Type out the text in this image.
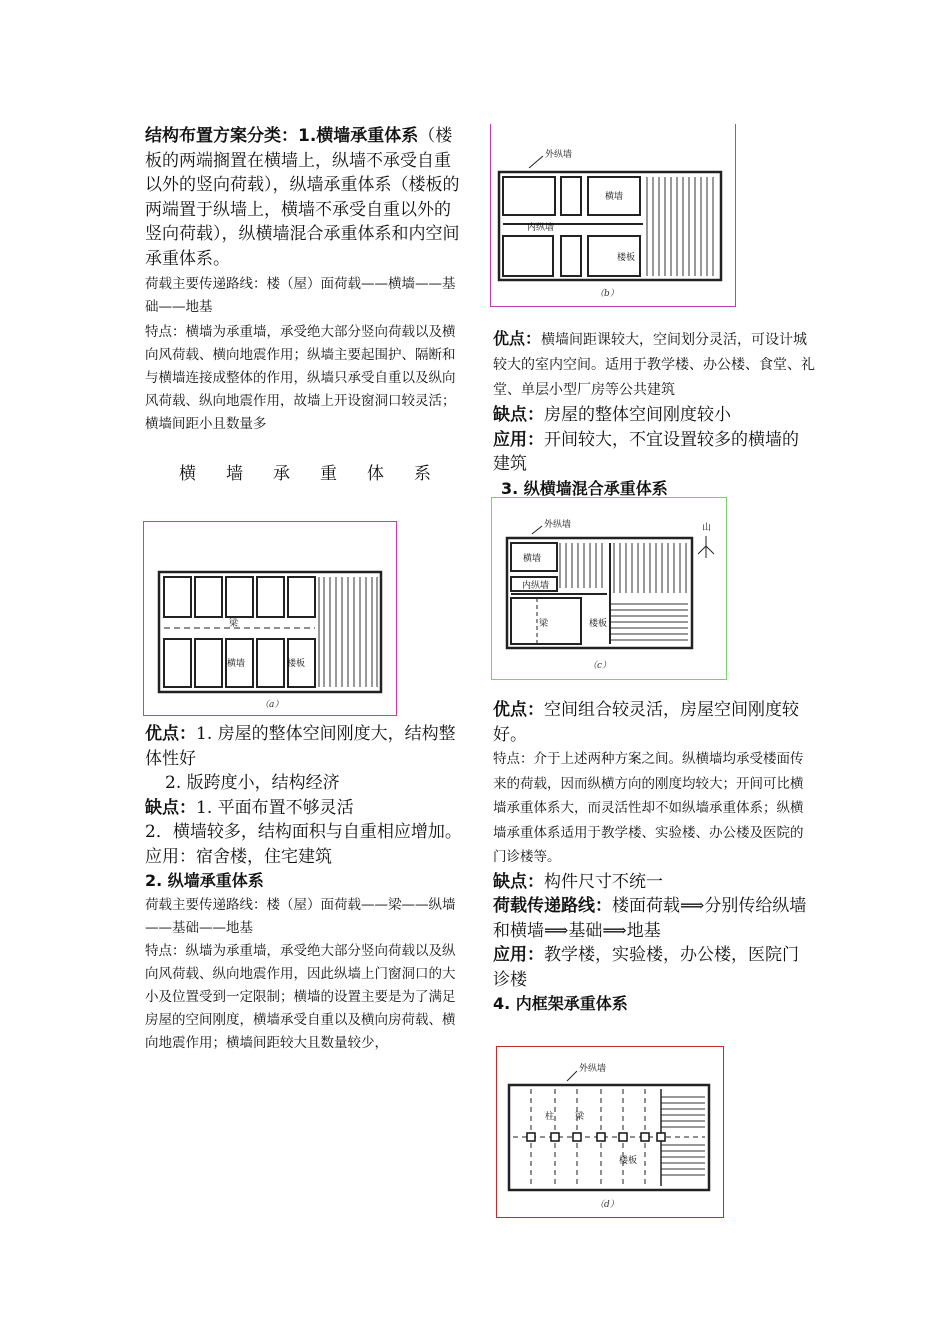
结构布置方案分类：1.横墙承重体系（楼板的两端搁置在横墙上，纵墙不承受自重以外的竖向荷载），纵墙承重体系（楼板的两端置于纵墙上，横墙不承受自重以外的竖向荷载），纵横墙混合承重体系和内空间承重体系。

荷载主要传递路线：楼（屋）面荷载——横墙——基础——地基

特点：横墙为承重墙，承受绝大部分竖向荷载以及横向风荷载、横向地震作用；纵墙主要起围护、隔断和与横墙连接成整体的作用，纵墙只承受自重以及纵向风荷载、纵向地震作用，故墙上开设窗洞口较灵活；横墙间距小且数量多

横墙承重体系

梁
横墙	楼板
（a）

优点：1. 房屋的整体空间刚度大，结构整体性好

2. 版跨度小，结构经济

缺点：1. 平面布置不够灵活

2．横墙较多，结构面积与自重相应增加。

应用：宿舍楼，住宅建筑

2. 纵墙承重体系

荷载主要传递路线：楼（屋）面荷载——梁——纵墙——基础——地基

特点：纵墙为承重墙，承受绝大部分竖向荷载以及纵向风荷载、纵向地震作用，因此纵墙上门窗洞口的大小及位置受到一定限制；横墙的设置主要是为了满足房屋的空间刚度，横墙承受自重以及横向房荷载、横向地震作用；横墙间距较大且数量较少，

外纵墙
横墙
内纵墙
楼板
（b）

优点：横墙间距课较大，空间划分灵活，可设计城较大的室内空间。适用于教学楼、办公楼、食堂、礼堂、单层小型厂房等公共建筑

缺点：房屋的整体空间刚度较小

应用：开间较大，不宜设置较多的横墙的建筑

3. 纵横墙混合承重体系

外纵墙
横墙
内纵墙
梁	楼板
山
（c）

优点：空间组合较灵活，房屋空间刚度较好。

特点：介于上述两种方案之间。纵横墙均承受楼面传来的荷载，因而纵横方向的刚度均较大；开间可比横墙承重体系大，而灵活性却不如纵墙承重体系；纵横墙承重体系适用于教学楼、实验楼、办公楼及医院的门诊楼等。

缺点：构件尺寸不统一

荷载传递路线：楼面荷载⟹分别传给纵墙和横墙⟹基础⟹地基

应用：教学楼，实验楼，办公楼，医院门诊楼

4. 内框架承重体系

外纵墙
柱 梁
楼板
（d）
